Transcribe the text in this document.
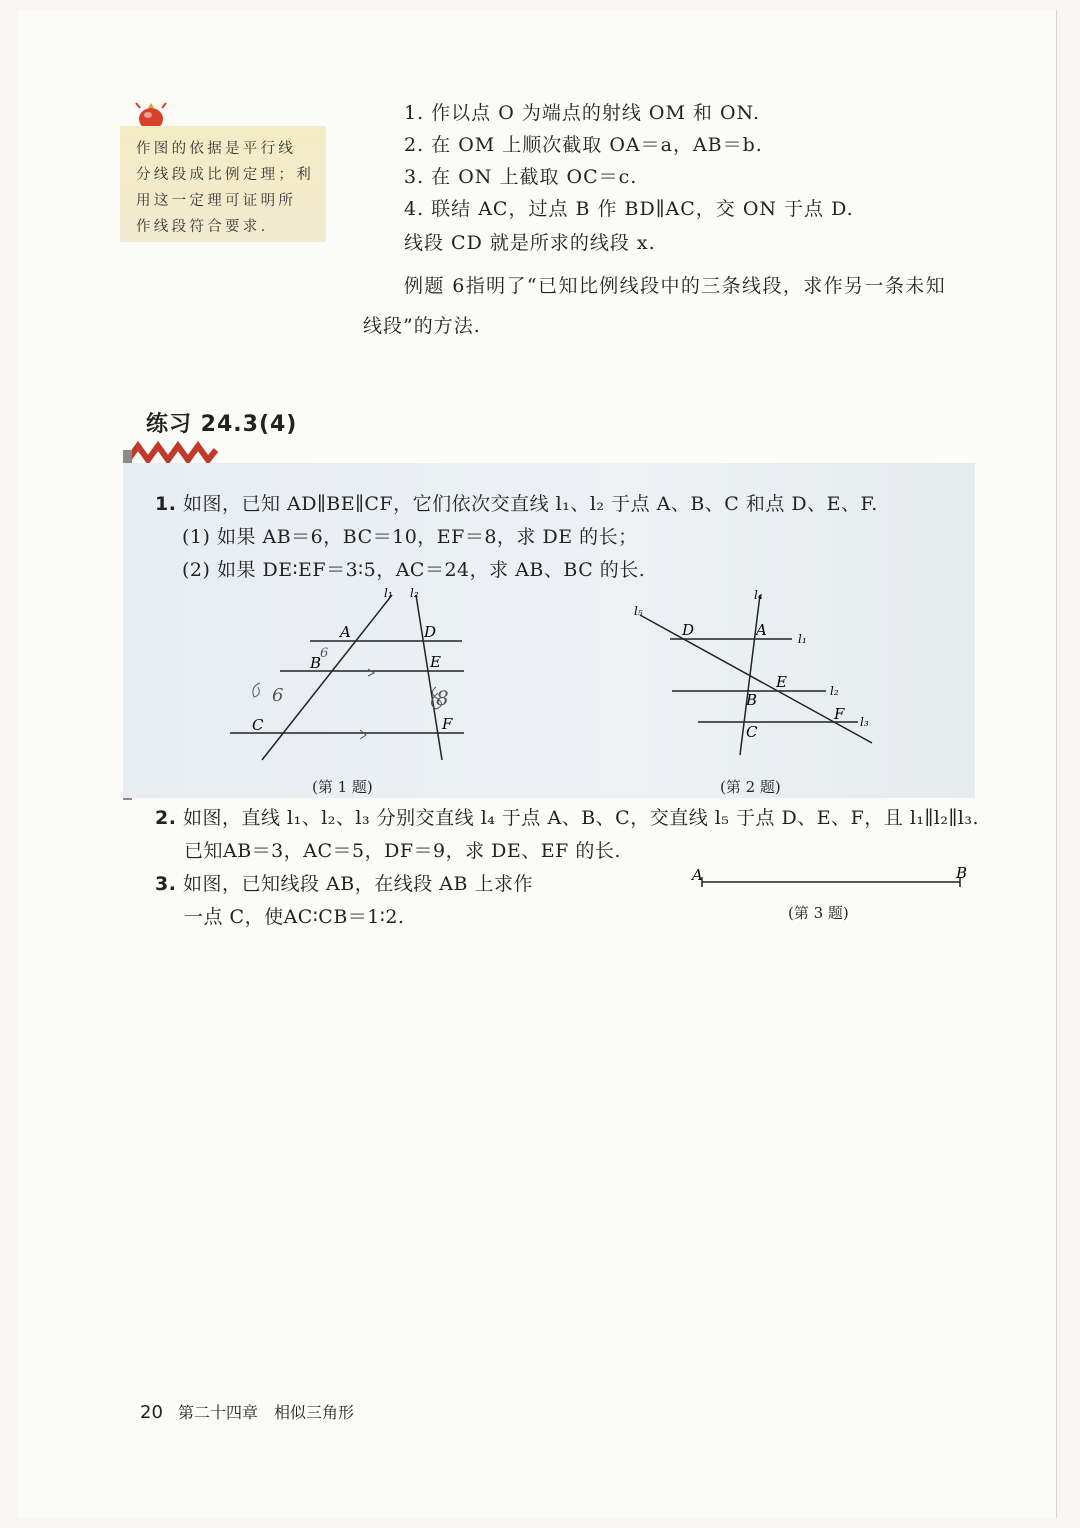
作图的依据是平行线

分线段成比例定理；利

用这一定理可证明所

作线段符合要求.

1. 作以点 O 为端点的射线 OM 和 ON.
2. 在 OM 上顺次截取 OA＝a，AB＝b.
3. 在 ON 上截取 OC＝c.
4. 联结 AC，过点 B 作 BD∥AC，交 ON 于点 D.
线段 CD 就是所求的线段 x.
例题 6指明了“已知比例线段中的三条线段，求作另一条未知
线段”的方法.
练习 24.3(4)
1. 如图，已知 AD∥BE∥CF，它们依次交直线 l₁、l₂ 于点 A、B、C 和点 D、E、F.
(1) 如果 AB＝6，BC＝10，EF＝8，求 DE 的长；
(2) 如果 DE∶EF＝3∶5，AC＝24，求 AB、BC 的长.
l₁ l₂
A	D
B	E
C	F
6
6	8
(第 1 题)
l₅
l₄
l₁
l₂
l₃
D	A
E
B
F
C
(第 2 题)
2. 如图，直线 l₁、l₂、l₃ 分别交直线 l₄ 于点 A、B、C，交直线 l₅ 于点 D、E、F，且 l₁∥l₂∥l₃.
已知AB＝3，AC＝5，DF＝9，求 DE、EF 的长.
3. 如图，已知线段 AB，在线段 AB 上求作
一点 C，使AC∶CB＝1∶2.
A	B
(第 3 题)
20 第二十四章　相似三角形
